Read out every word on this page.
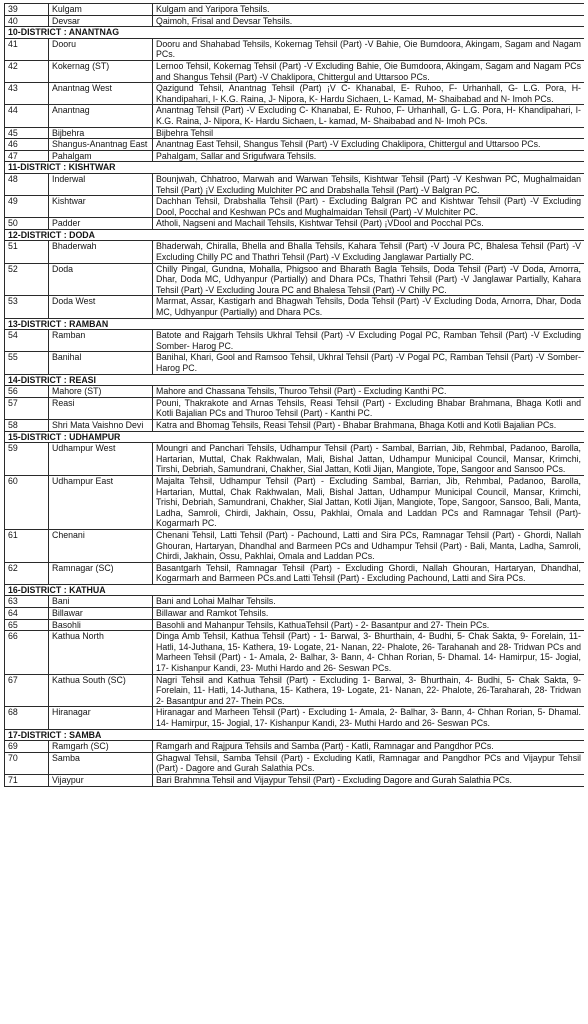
39	Kulgam	Kulgam and Yaripora Tehsils.
40	Devsar	Qaimoh, Frisal and Devsar Tehsils.
10-DISTRICT : ANANTNAG		
41	Dooru	Dooru and Shahabad Tehsils, Kokernag Tehsil (Part) -V Bahie, Oie Bumdoora, Akingam, Sagam and Nagam PCs.
42	Kokernag (ST)	Lernoo Tehsil, Kokernag Tehsil (Part) -V Excluding Bahie, Oie Bumdoora, Akingam, Sagam and Nagam PCs and Shangus Tehsil (Part) -V Chaklipora, Chittergul and Uttarsoo PCs.
43	Anantnag West	Qazigund Tehsil, Anantnag Tehsil (Part) ¡V C- Khanabal, E- Ruhoo, F- Urhanhall, G- L.G. Pora, H- Khandipahari, I- K.G. Raina, J- Nipora, K- Hardu Sichaen, L- Kamad, M- Shaibabad and N- Imoh PCs.
44	Anantnag	Anantnag Tehsil (Part) -V Excluding C- Khanabal, E- Ruhoo, F- Urhanhall, G- L.G. Pora, H- Khandipahari, I- K.G. Raina, J- Nipora, K- Hardu Sichaen, L- kamad, M- Shaibabad and N- Imoh PCs.
45	Bijbehra	Bijbehra Tehsil
46	Shangus-Anantnag East	Anantnag East Tehsil, Shangus Tehsil (Part) -V Excluding Chaklipora, Chittergul and Uttarsoo PCs.
47	Pahalgam	Pahalgam, Sallar and Srigufwara Tehsils.
11-DISTRICT : KISHTWAR		
48	Inderwal	Bounjwah, Chhatroo, Marwah and Warwan Tehsils, Kishtwar Tehsil (Part) -V Keshwan PC, Mughalmaidan Tehsil (Part) ¡V Excluding Mulchiter PC and Drabshalla Tehsil (Part) -V Balgran PC.
49	Kishtwar	Dachhan Tehsil, Drabshalla Tehsil (Part) - Excluding Balgran PC and Kishtwar Tehsil (Part) -V Excluding Dool, Pocchal and Keshwan PCs and Mughalmaidan Tehsil (Part) -V Mulchiter PC.
50	Padder	Atholi, Nagseni and Machail Tehsils, Kishtwar Tehsil (Part) ¡VDool and Pocchal PCs.
12-DISTRICT : DODA		
51	Bhaderwah	Bhaderwah, Chiralla, Bhella and Bhalla Tehsils, Kahara Tehsil (Part) -V Joura PC, Bhalesa Tehsil (Part) -V Excluding Chilly PC and Thathri Tehsil (Part) -V Excluding Janglawar Partially PC.
52	Doda	Chilly Pingal, Gundna, Mohalla, Phigsoo and Bharath Bagla Tehsils, Doda Tehsil (Part) -V Doda, Arnorra, Dhar, Doda MC, Udhyanpur (Partially) and Dhara PCs, Thathri Tehsil (Part) -V Janglawar Partially, Kahara Tehsil (Part) -V Excluding Joura PC and Bhalesa Tehsil (Part) -V Chilly PC.
53	Doda West	Marmat, Assar, Kastigarh and Bhagwah Tehsils, Doda Tehsil (Part) -V Excluding Doda, Arnorra, Dhar, Doda MC, Udhyanpur (Partially) and Dhara PCs.
13-DISTRICT : RAMBAN		
54	Ramban	Batote and Rajgarh Tehsils Ukhral Tehsil (Part) -V Excluding Pogal PC, Ramban Tehsil (Part) -V Excluding Somber- Harog PC.
55	Banihal	Banihal, Khari, Gool and Ramsoo Tehsil, Ukhral Tehsil (Part) -V Pogal PC, Ramban Tehsil (Part) -V Somber- Harog PC.
14-DISTRICT : REASI		
56	Mahore (ST)	Mahore and Chassana Tehsils, Thuroo Tehsil (Part) - Excluding Kanthi PC.
57	Reasi	Pouni, Thakrakote and Arnas Tehsils, Reasi Tehsil (Part) - Excluding Bhabar Brahmana, Bhaga Kotli and Kotli Bajalian PCs and Thuroo Tehsil (Part) - Kanthi PC.
58	Shri Mata Vaishno Devi	Katra and Bhomag Tehsils, Reasi Tehsil (Part) - Bhabar Brahmana, Bhaga Kotli and Kotli Bajalian PCs.
15-DISTRICT : UDHAMPUR		
59	Udhampur West	Moungri and Panchari Tehsils, Udhampur Tehsil (Part) - Sambal, Barrian, Jib, Rehmbal, Padanoo, Barolla, Hartarian, Muttal, Chak Rakhwalan, Mali, Bishal Jattan, Udhampur Municipal Council, Mansar, Krimchi, Tirshi, Debriah, Samundrani, Chakher, Sial Jattan, Kotli Jijan, Mangiote, Tope, Sangoor and Sansoo PCs.
60	Udhampur East	Majalta Tehsil, Udhampur Tehsil (Part) - Excluding Sambal, Barrian, Jib, Rehmbal, Padanoo, Barolla, Hartarian, Muttal, Chak Rakhwalan, Mali, Bishal Jattan, Udhampur Municipal Council, Mansar, Krimchi, Trishi, Debriah, Samundrani, Chakher, Sial Jattan, Kotli Jijan, Mangiote, Tope, Sangoor, Sansoo, Bali, Manta, Ladha, Samroli, Chirdi, Jakhain, Ossu, Pakhlai, Omala and Laddan PCs and Ramnagar Tehsil (Part)- Kogarmarh PC.
61	Chenani	Chenani Tehsil, Latti Tehsil (Part) - Pachound, Latti and Sira PCs, Ramnagar Tehsil (Part) - Ghordi, Nallah Ghouran, Hartaryan, Dhandhal and Barmeen PCs and Udhampur Tehsil (Part) - Bali, Manta, Ladha, Samroli, Chirdi, Jakhain, Ossu, Pakhlai, Omala and Laddan PCs.
62	Ramnagar (SC)	Basantgarh Tehsil, Ramnagar Tehsil (Part) - Excluding Ghordi, Nallah Ghouran, Hartaryan, Dhandhal, Kogarmarh and Barmeen PCs.and Latti Tehsil (Part) - Excluding Pachound, Latti and Sira PCs.
16-DISTRICT : KATHUA		
63	Bani	Bani and Lohai Malhar Tehsils.
64	Billawar	Billawar and Ramkot Tehsils.
65	Basohli	Basohli and Mahanpur Tehsils, KathuaTehsil (Part) - 2- Basantpur and 27- Thein PCs.
66	Kathua North	Dinga Amb Tehsil, Kathua Tehsil (Part) - 1- Barwal, 3- Bhurthain, 4- Budhi, 5- Chak Sakta, 9- Forelain, 11- Hatli, 14-Juthana, 15- Kathera, 19- Logate, 21- Nanan, 22- Phalote, 26- Tarahanah and 28- Tridwan PCs and Marheen Tehsil (Part) - 1- Amala, 2- Balhar, 3- Bann, 4- Chhan Rorian, 5- Dhamal. 14- Hamirpur, 15- Jogial, 17- Kishanpur Kandi, 23- Muthi Hardo and 26- Seswan PCs.
67	Kathua South (SC)	Nagri Tehsil and Kathua Tehsil (Part) - Excluding 1- Barwal, 3- Bhurthain, 4- Budhi, 5- Chak Sakta, 9- Forelain, 11- Hatli, 14-Juthana, 15- Kathera, 19- Logate, 21- Nanan, 22- Phalote, 26-Taraharah, 28- Tridwan 2- Basantpur and 27- Thein PCs.
68	Hiranagar	Hiranagar and Marheen Tehsil (Part) - Excluding 1- Amala, 2- Balhar, 3- Bann, 4- Chhan Rorian, 5- Dhamal. 14- Hamirpur, 15- Jogial, 17- Kishanpur Kandi, 23- Muthi Hardo and 26- Seswan PCs.
17-DISTRICT : SAMBA		
69	Ramgarh (SC)	Ramgarh and Rajpura Tehsils and Samba (Part) - Katli, Ramnagar and Pangdhor PCs.
70	Samba	Ghagwal Tehsil, Samba Tehsil (Part) - Excluding Katli, Ramnagar and Pangdhor PCs and Vijaypur Tehsil (Part) - Dagore and Gurah Salathia PCs.
71	Vijaypur	Bari Brahmna Tehsil and Vijaypur Tehsil (Part) - Excluding Dagore and Gurah Salathia PCs.
